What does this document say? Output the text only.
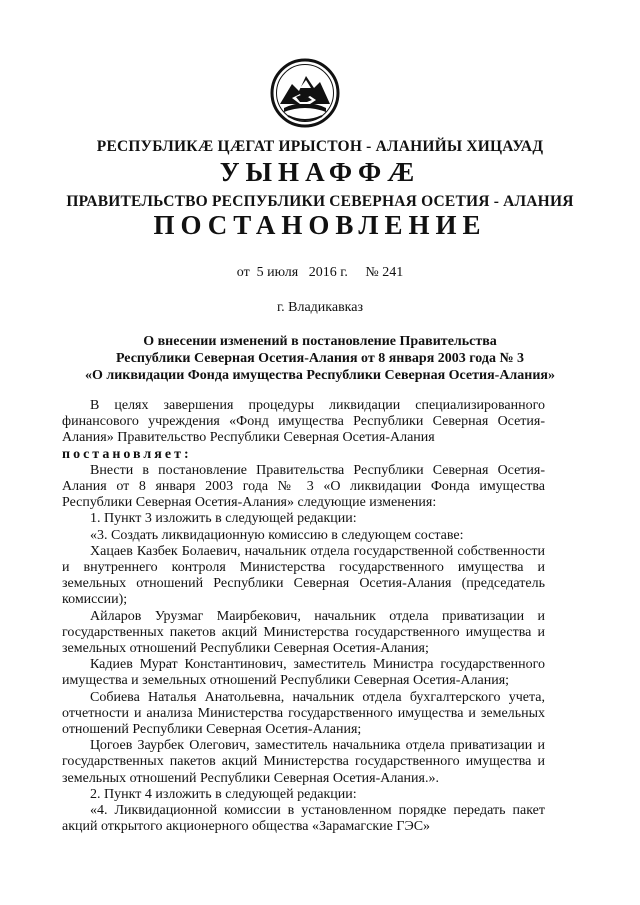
РЕСПУБЛИКӔ ЦӔГАТ ИРЫСТОН - АЛАНИЙЫ ХИЦАУАД
УЫНАФФӔ
ПРАВИТЕЛЬСТВО РЕСПУБЛИКИ СЕВЕРНАЯ ОСЕТИЯ - АЛАНИЯ
ПОСТАНОВЛЕНИЕ
от  5 июля   2016 г.     № 241
г. Владикавказ
О внесении изменений в постановление Правительства
Республики Северная Осетия-Алания от 8 января 2003 года № 3
«О ликвидации Фонда имущества Республики Северная Осетия-Алания»

В целях завершения процедуры ликвидации специализированного финансового учреждения «Фонд имущества Республики Северная Осетия-Алания» Правительство Республики Северная Осетия-Алания

постановляет:

Внести в постановление Правительства Республики Северная Осетия-Алания от 8 января 2003 года № 3 «О ликвидации Фонда имущества Республики Северная Осетия-Алания» следующие изменения:

1. Пункт 3 изложить в следующей редакции:

«3. Создать ликвидационную комиссию в следующем составе:

Хацаев Казбек Болаевич, начальник отдела государственной собственности и внутреннего контроля Министерства государственного имущества и земельных отношений Республики Северная Осетия-Алания (председатель комиссии);

Айларов Урузмаг Маирбекович, начальник отдела приватизации и государственных пакетов акций Министерства государственного имущества и земельных отношений Республики Северная Осетия-Алания;

Кадиев Мурат Константинович, заместитель Министра государственного имущества и земельных отношений Республики Северная Осетия-Алания;

Собиева Наталья Анатольевна, начальник отдела бухгалтерского учета, отчетности и анализа Министерства государственного имущества и земельных отношений Республики Северная Осетия-Алания;

Цогоев Заурбек Олегович, заместитель начальника отдела приватизации и государственных пакетов акций Министерства государственного имущества и земельных отношений Республики Северная Осетия-Алания.».

2. Пункт 4 изложить в следующей редакции:

«4. Ликвидационной комиссии в установленном порядке передать пакет акций открытого акционерного общества «Зарамагские ГЭС»
